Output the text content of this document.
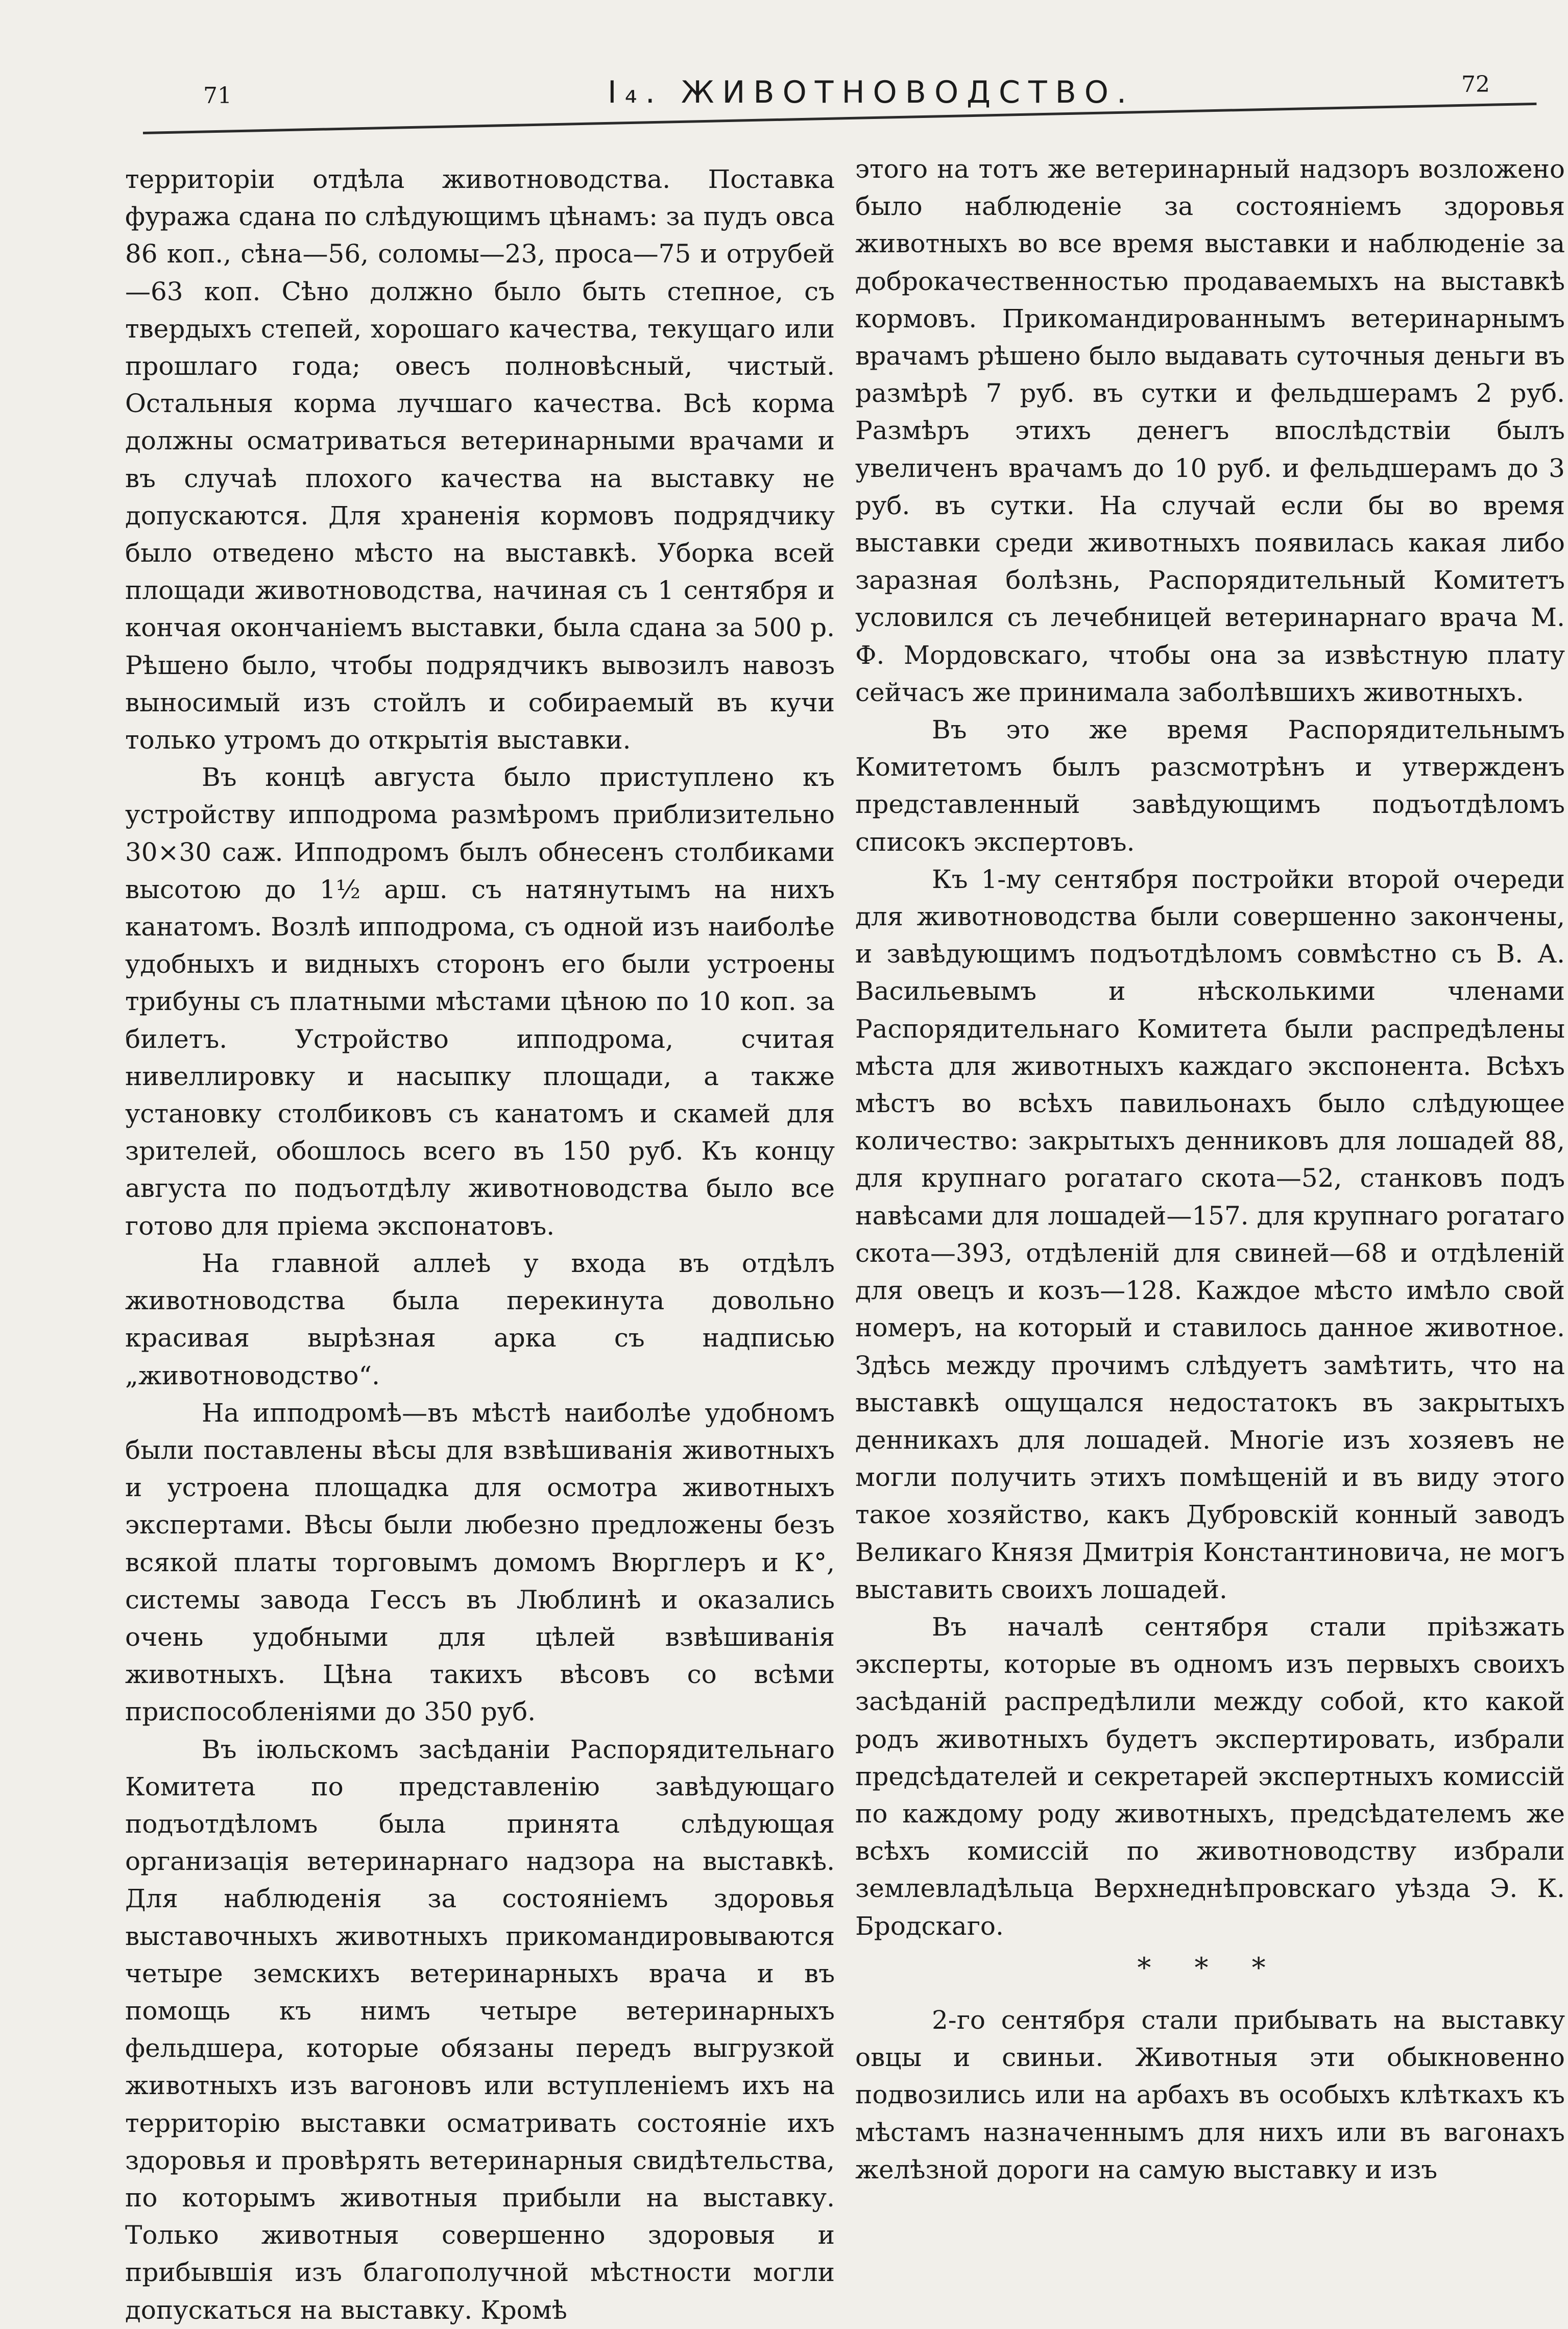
71	I₄. ЖИВОТНОВОДСТВО.	72

территоріи отдѣла животноводства. Поставка фуража сдана по слѣдующимъ цѣнамъ: за пудъ овса 86 коп., сѣна—56, соломы—23, проса—75 и отрубей—63 коп. Сѣно должно было быть степное, съ твердыхъ степей, хорошаго качества, текущаго или прошлаго года; овесъ полновѣсный, чистый. Остальныя корма лучшаго качества. Всѣ корма должны осматриваться ветеринарными врачами и въ случаѣ плохого качества на выставку не допускаются. Для храненія кормовъ подрядчику было отведено мѣсто на выставкѣ. Уборка всей площади животноводства, начиная съ 1 сентября и кончая окончаніемъ выставки, была сдана за 500 р. Рѣшено было, чтобы подрядчикъ вывозилъ навозъ выносимый изъ стойлъ и собираемый въ кучи только утромъ до открытія выставки.

Въ концѣ августа было приступлено къ устройству ипподрома размѣромъ приблизительно 30×30 саж. Ипподромъ былъ обнесенъ столбиками высотою до 1½ арш. съ натянутымъ на нихъ канатомъ. Возлѣ ипподрома, съ одной изъ наиболѣе удобныхъ и видныхъ сторонъ его были устроены трибуны съ платными мѣстами цѣною по 10 коп. за билетъ. Устройство ипподрома, считая нивеллировку и насыпку площади, а также установку столбиковъ съ канатомъ и скамей для зрителей, обошлось всего въ 150 руб. Къ концу августа по подъотдѣлу животноводства было все готово для пріема экспонатовъ.

На главной аллеѣ у входа въ отдѣлъ животноводства была перекинута довольно красивая вырѣзная арка съ надписью „животноводство“.

На ипподромѣ—въ мѣстѣ наиболѣе удобномъ были поставлены вѣсы для взвѣшиванія животныхъ и устроена площадка для осмотра животныхъ экспертами. Вѣсы были любезно предложены безъ всякой платы торговымъ домомъ Вюрглеръ и К°, системы завода Гессъ въ Люблинѣ и оказались очень удобными для цѣлей взвѣшиванія животныхъ. Цѣна такихъ вѣсовъ со всѣми приспособленіями до 350 руб.

Въ іюльскомъ засѣданіи Распорядительнаго Комитета по представленію завѣдующаго подъотдѣломъ была принята слѣдующая организація ветеринарнаго надзора на выставкѣ. Для наблюденія за состояніемъ здоровья выставочныхъ животныхъ прикомандировываются четыре земскихъ ветеринарныхъ врача и въ помощь къ нимъ четыре ветеринарныхъ фельдшера, которые обязаны передъ выгрузкой животныхъ изъ вагоновъ или вступленіемъ ихъ на территорію выставки осматривать состояніе ихъ здоровья и провѣрять ветеринарныя свидѣтельства, по которымъ животныя прибыли на выставку. Только животныя совершенно здоровыя и прибывшія изъ благополучной мѣстности могли допускаться на выставку. Кромѣ

этого на тотъ же ветеринарный надзоръ возложено было наблюденіе за состояніемъ здоровья животныхъ во все время выставки и наблюденіе за доброкачественностью продаваемыхъ на выставкѣ кормовъ. Прикомандированнымъ ветеринарнымъ врачамъ рѣшено было выдавать суточныя деньги въ размѣрѣ 7 руб. въ сутки и фельдшерамъ 2 руб. Размѣръ этихъ денегъ впослѣдствіи былъ увеличенъ врачамъ до 10 руб. и фельдшерамъ до 3 руб. въ сутки. На случай если бы во время выставки среди животныхъ появилась какая либо заразная болѣзнь, Распорядительный Комитетъ условился съ лечебницей ветеринарнаго врача М. Ф. Мордовскаго, чтобы она за извѣстную плату сейчасъ же принимала заболѣвшихъ животныхъ.

Въ это же время Распорядительнымъ Комитетомъ былъ разсмотрѣнъ и утвержденъ представленный завѣдующимъ подъотдѣломъ списокъ экспертовъ.

Къ 1-му сентября постройки второй очереди для животноводства были совершенно закончены, и завѣдующимъ подъотдѣломъ совмѣстно съ В. А. Васильевымъ и нѣсколькими членами Распорядительнаго Комитета были распредѣлены мѣста для животныхъ каждаго экспонента. Всѣхъ мѣстъ во всѣхъ павильонахъ было слѣдующее количество: закрытыхъ денниковъ для лошадей 88, для крупнаго рогатаго скота—52, станковъ подъ навѣсами для лошадей—157. для крупнаго рогатаго скота—393, отдѣленій для свиней—68 и отдѣленій для овецъ и козъ—128. Каждое мѣсто имѣло свой номеръ, на который и ставилось данное животное. Здѣсь между прочимъ слѣдуетъ замѣтить, что на выставкѣ ощущался недостатокъ въ закрытыхъ денникахъ для лошадей. Многіе изъ хозяевъ не могли получить этихъ помѣщеній и въ виду этого такое хозяйство, какъ Дубровскій конный заводъ Великаго Князя Дмитрія Константиновича, не могъ выставить своихъ лошадей.

Въ началѣ сентября стали пріѣзжать эксперты, которые въ одномъ изъ первыхъ своихъ засѣданій распредѣлили между собой, кто какой родъ животныхъ будетъ экспертировать, избрали предсѣдателей и секретарей экспертныхъ комиссій по каждому роду животныхъ, предсѣдателемъ же всѣхъ комиссій по животноводству избрали землевладѣльца Верхнеднѣпровскаго уѣзда Э. К. Бродскаго.

* * *

2-го сентября стали прибывать на выставку овцы и свиньи. Животныя эти обыкновенно подвозились или на арбахъ въ особыхъ клѣткахъ къ мѣстамъ назначеннымъ для нихъ или въ вагонахъ желѣзной дороги на самую выставку и изъ
